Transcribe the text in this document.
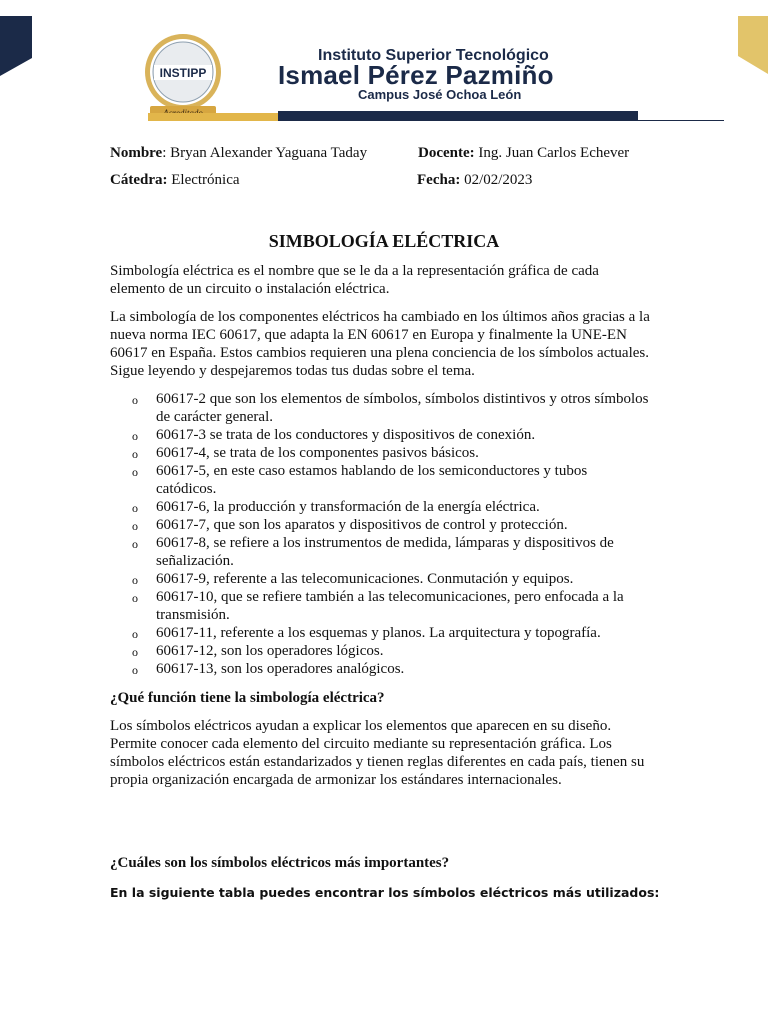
INSTIPP
Instituto Superior Tecnológico
Ismael Pérez Pazmiño
Campus José Ochoa León
Nombre: Bryan Alexander Yaguana Taday	Docente: Ing. Juan Carlos Echever
Cátedra: Electrónica	Fecha: 02/02/2023
SIMBOLOGÍA ELÉCTRICA
Simbología eléctrica es el nombre que se le da a la representación gráfica de cada elemento de un circuito o instalación eléctrica.
La simbología de los componentes eléctricos ha cambiado en los últimos años gracias a la nueva norma IEC 60617, que adapta la EN 60617 en Europa y finalmente la UNE-EN 60617 en España. Estos cambios requieren una plena conciencia de los símbolos actuales. Sigue leyendo y despejaremos todas tus dudas sobre el tema.
o 60617-2 que son los elementos de símbolos, símbolos distintivos y otros símbolos de carácter general.
o 60617-3 se trata de los conductores y dispositivos de conexión.
o 60617-4, se trata de los componentes pasivos básicos.
o 60617-5, en este caso estamos hablando de los semiconductores y tubos catódicos.
o 60617-6, la producción y transformación de la energía eléctrica.
o 60617-7, que son los aparatos y dispositivos de control y protección.
o 60617-8, se refiere a los instrumentos de medida, lámparas y dispositivos de señalización.
o 60617-9, referente a las telecomunicaciones. Conmutación y equipos.
o 60617-10, que se refiere también a las telecomunicaciones, pero enfocada a la transmisión.
o 60617-11, referente a los esquemas y planos. La arquitectura y topografía.
o 60617-12, son los operadores lógicos.
o 60617-13, son los operadores analógicos.
¿Qué función tiene la simbología eléctrica?
Los símbolos eléctricos ayudan a explicar los elementos que aparecen en su diseño. Permite conocer cada elemento del circuito mediante su representación gráfica. Los símbolos eléctricos están estandarizados y tienen reglas diferentes en cada país, tienen su propia organización encargada de armonizar los estándares internacionales.
¿Cuáles son los símbolos eléctricos más importantes?
En la siguiente tabla puedes encontrar los símbolos eléctricos más utilizados:
